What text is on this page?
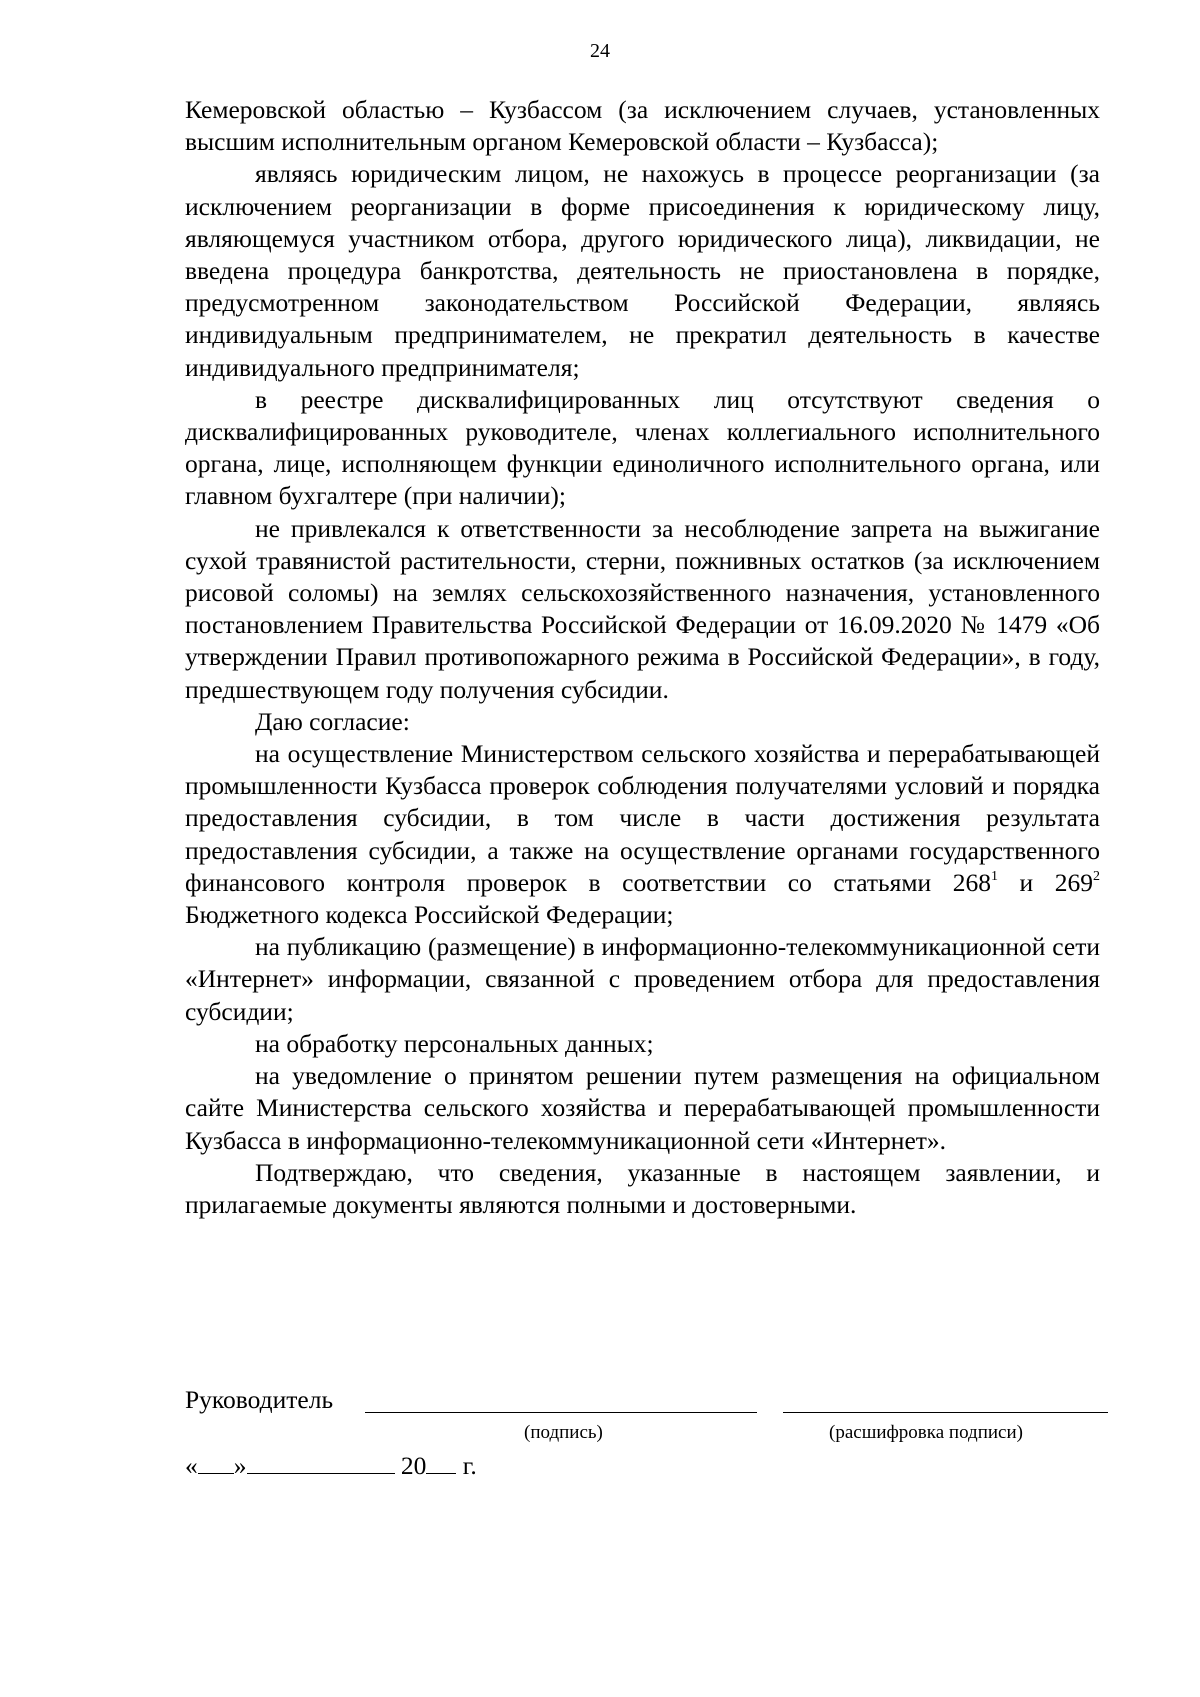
24

Кемеровской областью – Кузбассом (за исключением случаев, установленных высшим исполнительным органом Кемеровской области – Кузбасса);

являясь юридическим лицом, не нахожусь в процессе реорганизации (за исключением реорганизации в форме присоединения к юридическому лицу, являющемуся участником отбора, другого юридического лица), ликвидации, не введена процедура банкротства, деятельность не приостановлена в порядке, предусмотренном законодательством Российской Федерации, являясь индивидуальным предпринимателем, не прекратил деятельность в качестве индивидуального предпринимателя;

в реестре дисквалифицированных лиц отсутствуют сведения о дисквалифицированных руководителе, членах коллегиального исполнительного органа, лице, исполняющем функции единоличного исполнительного органа, или главном бухгалтере (при наличии);

не привлекался к ответственности за несоблюдение запрета на выжигание сухой травянистой растительности, стерни, пожнивных остатков (за исключением рисовой соломы) на землях сельскохозяйственного назначения, установленного постановлением Правительства Российской Федерации от 16.09.2020 № 1479 «Об утверждении Правил противопожарного режима в Российской Федерации», в году, предшествующем году получения субсидии.

Даю согласие:

на осуществление Министерством сельского хозяйства и перерабатывающей промышленности Кузбасса проверок соблюдения получателями условий и порядка предоставления субсидии, в том числе в части достижения результата предоставления субсидии, а также на осуществление органами государственного финансового контроля проверок в соответствии со статьями $268^1$ и $269^2$ Бюджетного кодекса Российской Федерации;

на публикацию (размещение) в информационно-телекоммуникационной сети «Интернет» информации, связанной с проведением отбора для предоставления субсидии;

на обработку персональных данных;

на уведомление о принятом решении путем размещения на официальном сайте Министерства сельского хозяйства и перерабатывающей промышленности Кузбасса в информационно-телекоммуникационной сети «Интернет».

Подтверждаю, что сведения, указанные в настоящем заявлении, и прилагаемые документы являются полными и достоверными.

Руководитель
(подпись)	(расшифровка подписи)
« »	20 г.
